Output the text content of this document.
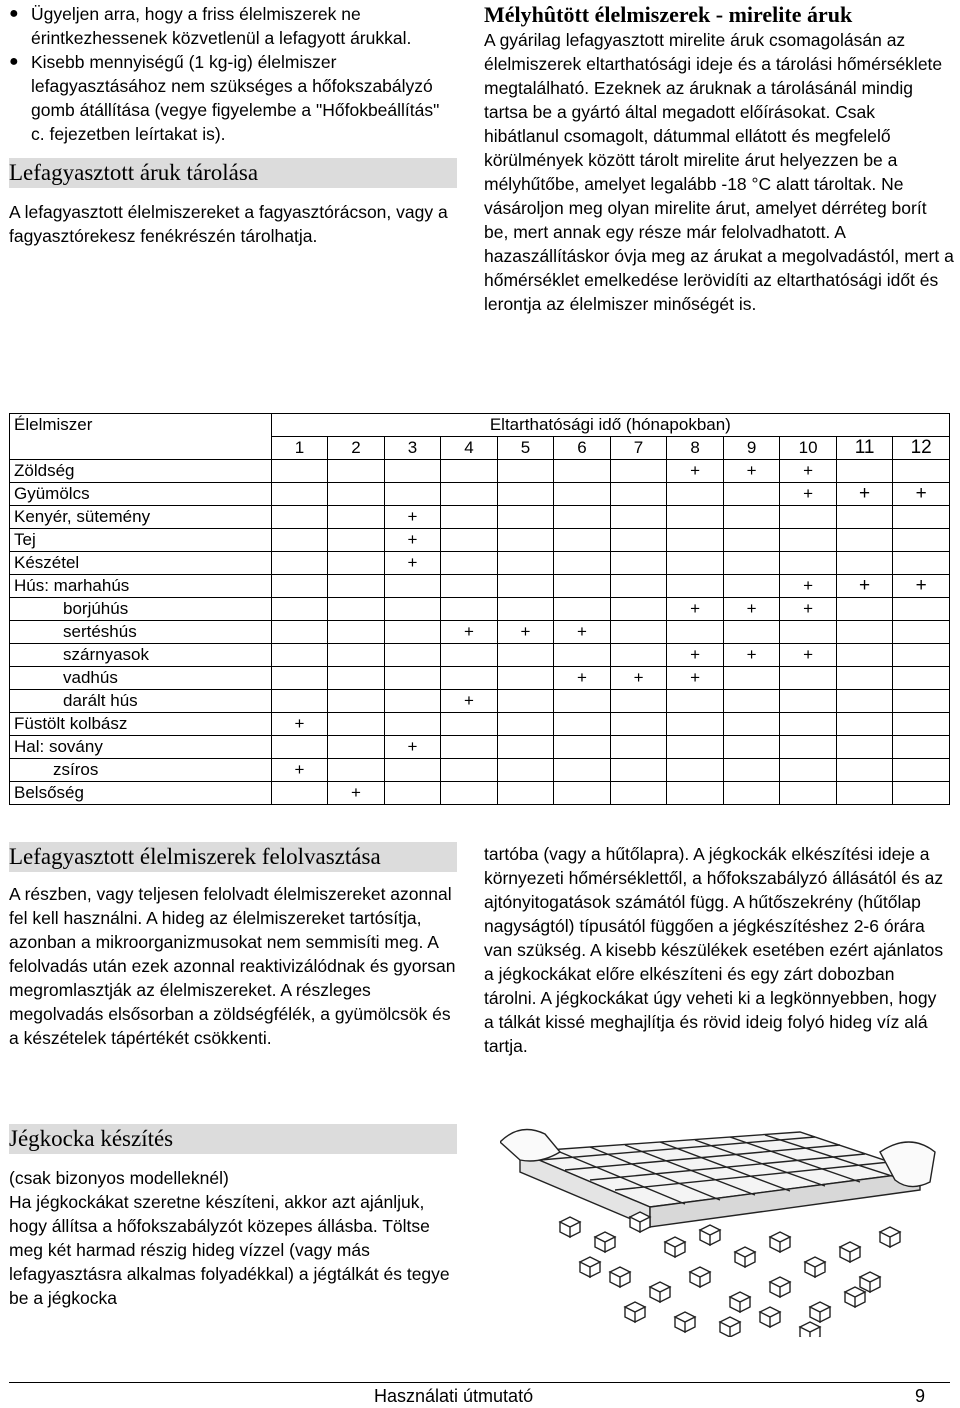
● Ügyeljen arra, hogy a friss élelmiszerek ne érintkezhessenek közvetlenül a lefagyott árukkal.
● Kisebb mennyiségű (1 kg-ig) élelmiszer lefagyasztásához nem szükséges a hőfokszabályzó gomb átállítása (vegye figyelembe a "Hőfokbeállítás" c. fejezetben leírtakat is).
Lefagyasztott áruk tárolása

A lefagyasztott élelmiszereket a fagyasztórácson, vagy a fagyasztórekesz fenékrészén tárolhatja.

Mélyhûtött élelmiszerek - mirelite áruk

A gyárilag lefagyasztott mirelite áruk csomagolásán az élelmiszerek eltarthatósági ideje és a tárolási hőmérséklete megtalálható. Ezeknek az áruknak a tárolásánál mindig tartsa be a gyártó által megadott előírásokat. Csak hibátlanul csomagolt, dátummal ellátott és megfelelő körülmények között tárolt mirelite árut helyezzen be a mélyhűtőbe, amelyet legalább -18 °C alatt tároltak. Ne vásároljon meg olyan mirelite árut, amelyet dérréteg borít be, mert annak egy része már felolvadhatott. A hazaszállításkor óvja meg az árukat a megolvadástól, mert a hőmérséklet emelkedése lerövidíti az eltarthatósági időt és lerontja az élelmiszer minőségét is.

Élelmiszer	Eltarthatósági idő (hónapokban)											
	1	2	3	4	5	6	7	8	9	10	11	12
Zöldség								+	+	+		
Gyümölcs										+	+	+
Kenyér, sütemény			+									
Tej			+									
Készétel			+									
Hús: marhahús										+	+	+
borjúhús								+	+	+		
sertéshús				+	+	+						
szárnyasok								+	+	+		
vadhús						+	+	+				
darált hús				+								
Füstölt kolbász	+											
Hal: sovány			+									
zsíros	+											
Belsőség		+										
Lefagyasztott élelmiszerek felolvasztása

A részben, vagy teljesen felolvadt élelmiszereket azonnal fel kell használni. A hideg az élelmiszereket tartósítja, azonban a mikroorganizmusokat nem semmisíti meg. A felolvadás után ezek azonnal reaktivizálódnak és gyorsan megromlasztják az élelmiszereket. A részleges megolvadás elsősorban a zöldségfélék, a gyümölcsök és a készételek tápértékét csökkenti.

Jégkocka készítés

(csak bizonyos modelleknél)
Ha jégkockákat szeretne készíteni, akkor azt ajánljuk, hogy állítsa a hőfokszabályzót közepes állásba. Töltse meg két harmad részig hideg vízzel (vagy más lefagyasztásra alkalmas folyadékkal) a jégtálkát és tegye be a jégkocka

tartóba (vagy a hűtőlapra). A jégkockák elkészítési ideje a környezeti hőmérséklettől, a hőfokszabályzó állásától és az ajtónyitogatások számától függ. A hűtőszekrény (hűtőlap nagyságtól) típusától függően a jégkészítéshez 2-6 órára van szükség. A kisebb készülékek esetében ezért ajánlatos a jégkockákat előre elkészíteni és egy zárt dobozban tárolni. A jégkockákat úgy veheti ki a legkönnyebben, hogy a tálkát kissé meghajlítja és rövid ideig folyó hideg víz alá tartja.

Használati útmutató	9
